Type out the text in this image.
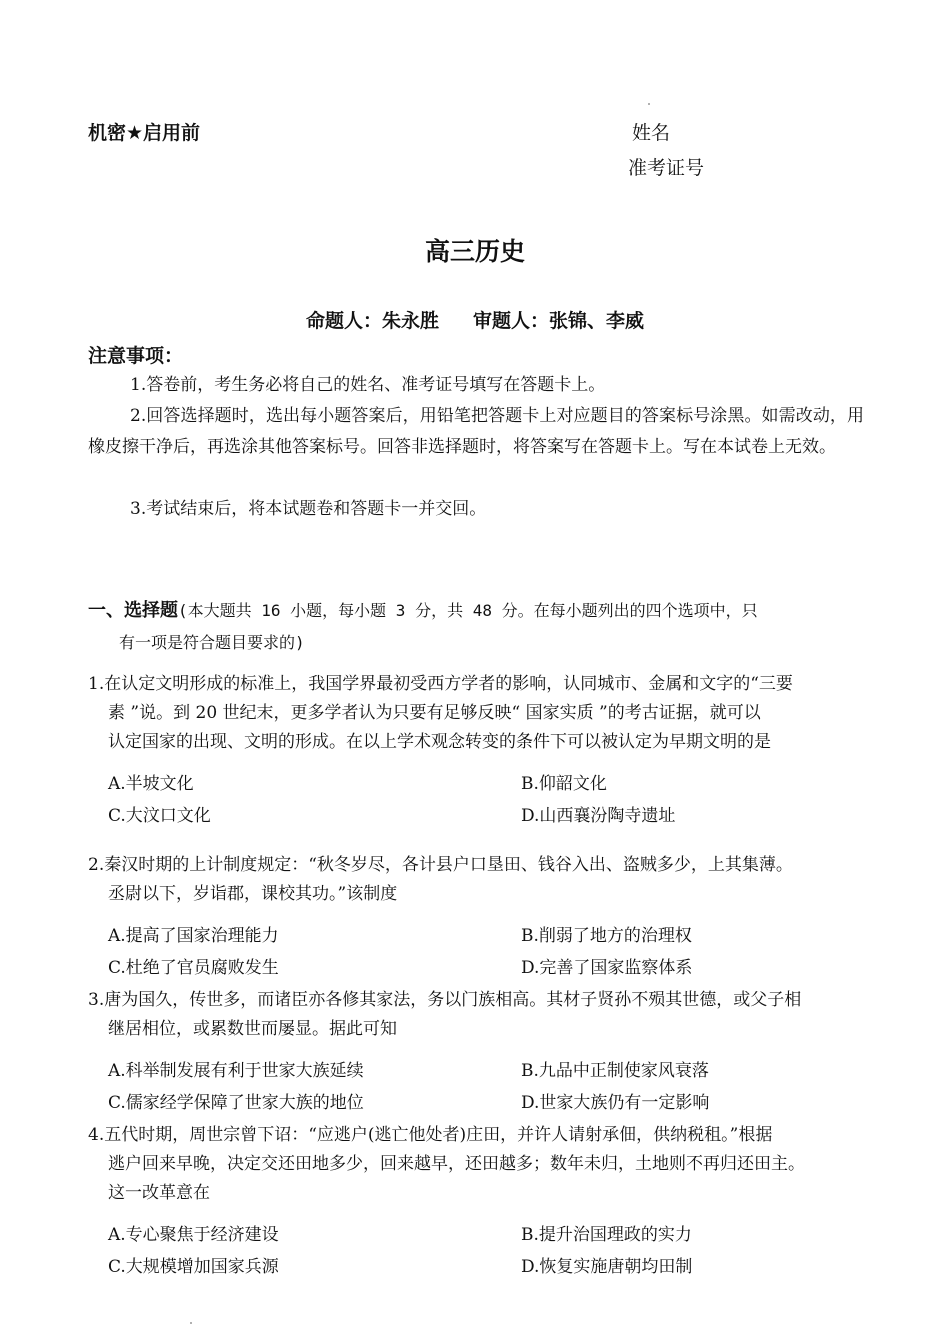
机密★启用前	姓名
准考证号
高三历史
命题人：朱永胜 审题人：张锦、李威
注意事项：
1.答卷前，考生务必将自己的姓名、准考证号填写在答题卡上。
2.回答选择题时，选出每小题答案后，用铅笔把答题卡上对应题目的答案标号涂黑。如需改动，用橡皮擦干净后，再选涂其他答案标号。回答非选择题时，将答案写在答题卡上。写在本试卷上无效。
3.考试结束后，将本试题卷和答题卡一并交回。
一、选择题(本大题共 16 小题，每小题 3 分，共 48 分。在每小题列出的四个选项中，只
有一项是符合题目要求的)
1.在认定文明形成的标准上，我国学界最初受西方学者的影响，认同城市、金属和文字的“三要
素 ”说。到 20 世纪末，更多学者认为只要有足够反映“ 国家实质 ”的考古证据，就可以
认定国家的出现、文明的形成。在以上学术观念转变的条件下可以被认定为早期文明的是
A.半坡文化	B.仰韶文化
C.大汶口文化	D.山西襄汾陶寺遗址
2.秦汉时期的上计制度规定：“秋冬岁尽，各计县户口垦田、钱谷入出、盗贼多少，上其集薄。
丞尉以下，岁诣郡，课校其功。”该制度
A.提高了国家治理能力	B.削弱了地方的治理权
C.杜绝了官员腐败发生	D.完善了国家监察体系
3.唐为国久，传世多，而诸臣亦各修其家法，务以门族相高。其材子贤孙不殒其世德，或父子相
继居相位，或累数世而屡显。据此可知
A.科举制发展有利于世家大族延续	B.九品中正制使家风衰落
C.儒家经学保障了世家大族的地位	D.世家大族仍有一定影响
4.五代时期，周世宗曾下诏：“应逃户(逃亡他处者)庄田，并许人请射承佃，供纳税租。”根据
逃户回来早晚，决定交还田地多少，回来越早，还田越多；数年未归，土地则不再归还田主。
这一改革意在
A.专心聚焦于经济建设	B.提升治国理政的实力
C.大规模增加国家兵源	D.恢复实施唐朝均田制
